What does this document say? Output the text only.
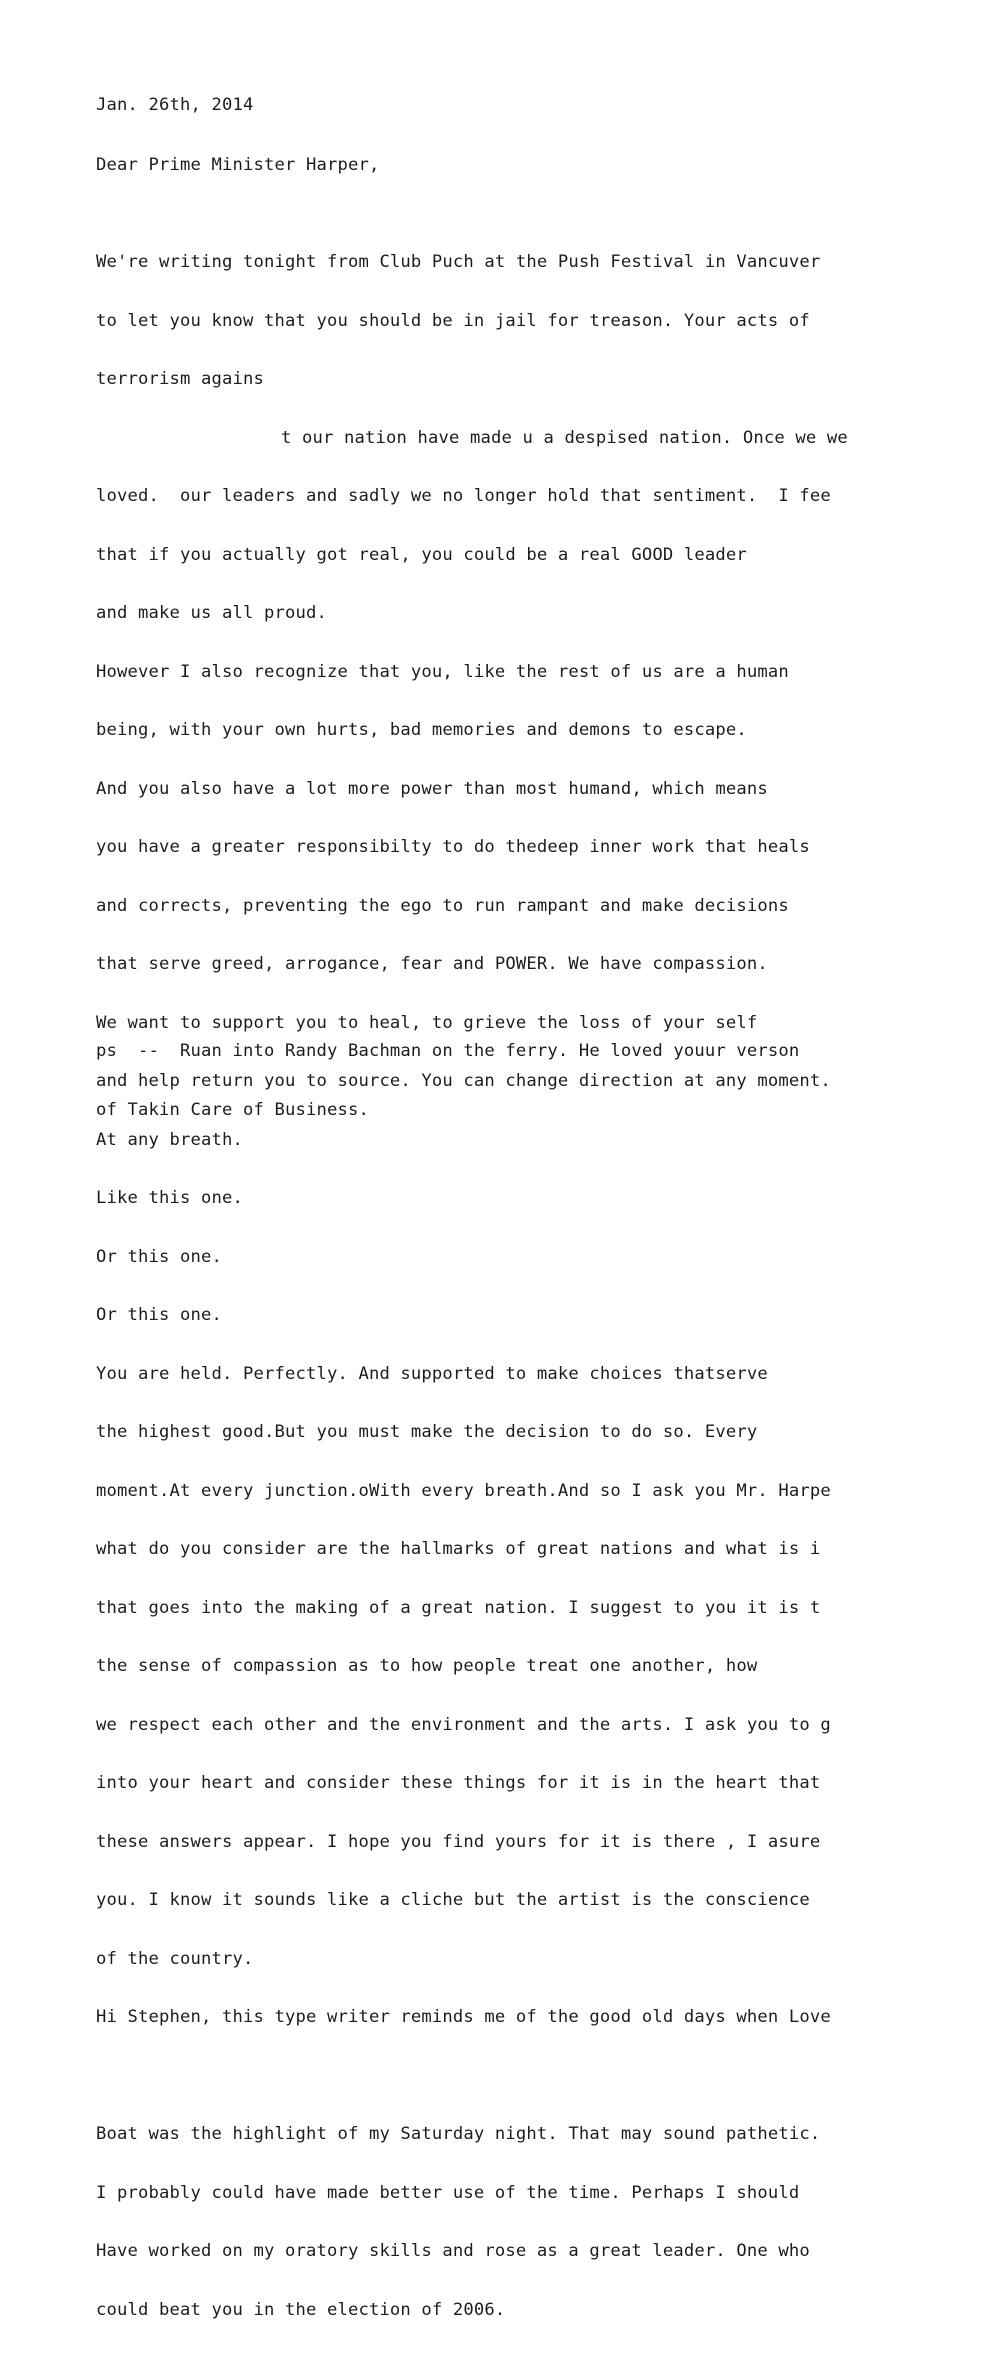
Jan. 26th, 2014
Dear Prime Minister Harper,

We're writing tonight from Club Puch at the Push Festival in Vancuver

to let you know that you should be in jail for treason. Your acts of

terrorism agains

t our nation have made u a despised nation. Once we we

loved.  our leaders and sadly we no longer hold that sentiment.  I fee

that if you actually got real, you could be a real GOOD leader

and make us all proud.

However I also recognize that you, like the rest of us are a human

being, with your own hurts, bad memories and demons to escape.

And you also have a lot more power than most humand, which means

you have a greater responsibilty to do thedeep inner work that heals

and corrects, preventing the ego to run rampant and make decisions

that serve greed, arrogance, fear and POWER. We have compassion.

We want to support you to heal, to grieve the loss of your self

and help return you to source. You can change direction at any moment.

At any breath.

Like this one.

Or this one.

Or this one.

You are held. Perfectly. And supported to make choices thatserve

the highest good.But you must make the decision to do so. Every

moment.At every junction.oWith every breath.And so I ask you Mr. Harpe

what do you consider are the hallmarks of great nations and what is i

that goes into the making of a great nation. I suggest to you it is t

the sense of compassion as to how people treat one another, how

we respect each other and the environment and the arts. I ask you to g

into your heart and consider these things for it is in the heart that

these answers appear. I hope you find yours for it is there , I asure

you. I know it sounds like a cliche but the artist is the conscience

of the country.

Hi Stephen, this type writer reminds me of the good old days when Love

Boat was the highlight of my Saturday night. That may sound pathetic.

I probably could have made better use of the time. Perhaps I should

Have worked on my oratory skills and rose as a great leader. One who

could beat you in the election of 2006.

ps  --  Ruan into Randy Bachman on the ferry. He loved youur verson

of Takin Care of Business.
